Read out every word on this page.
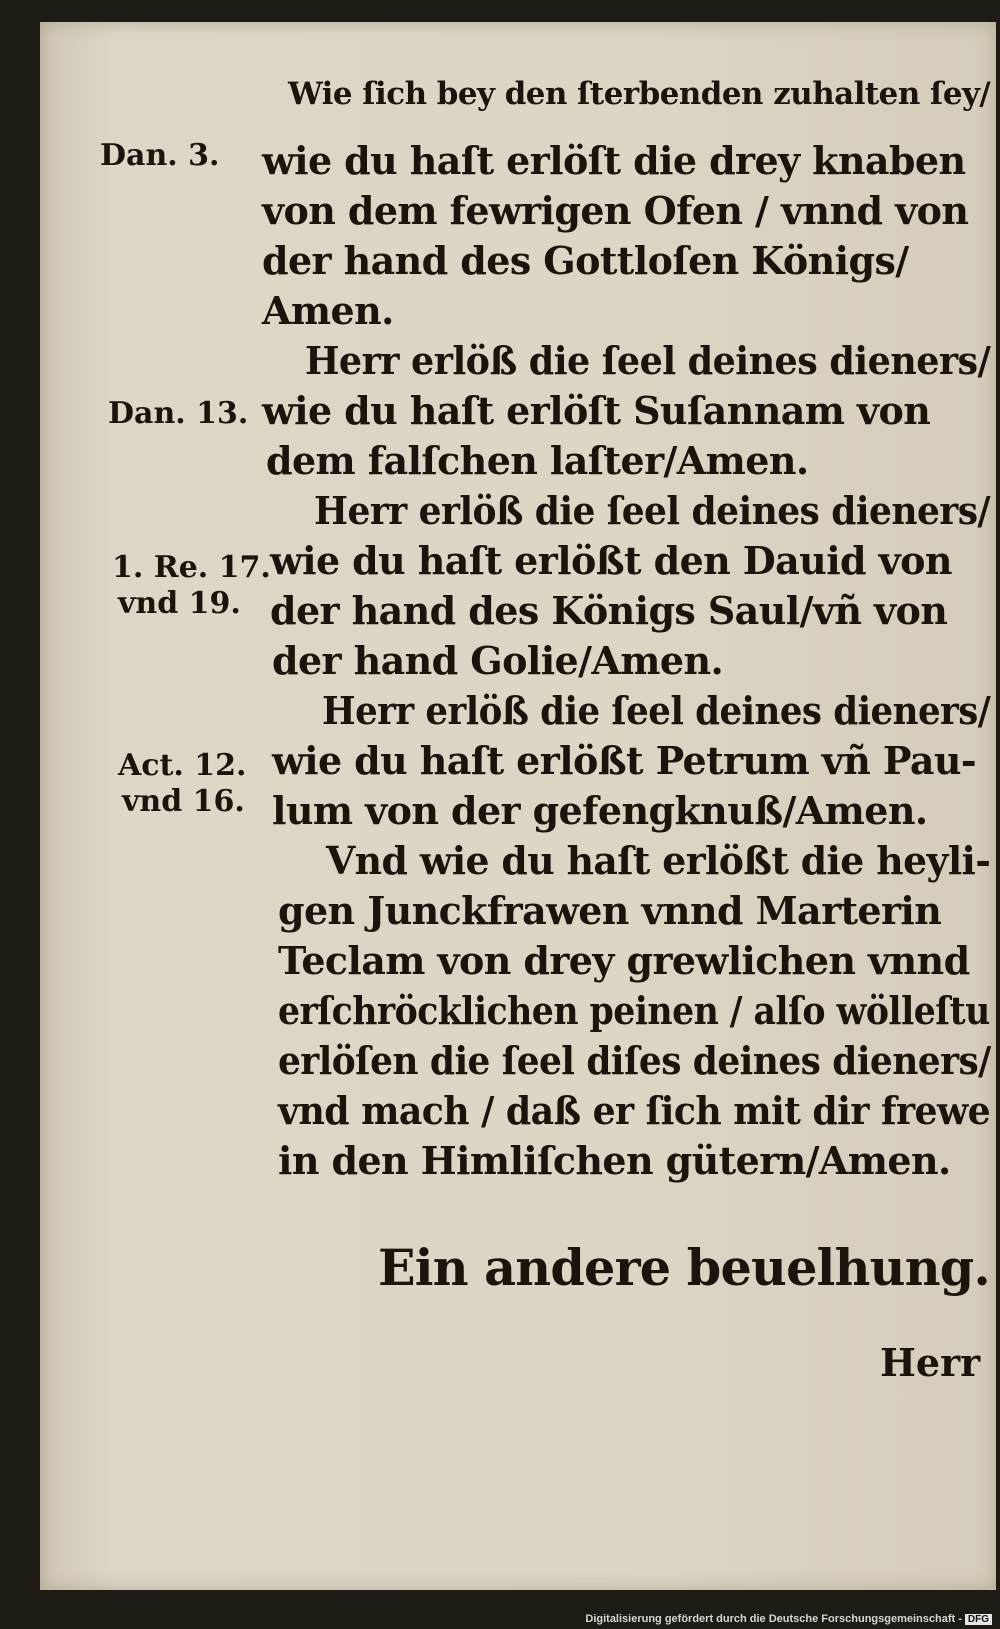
Wie ſich bey den ſterbenden zuhalten ſey/
Dan. 3.
Dan. 13.
1. Re. 17.
vnd 19.
Act. 12.
vnd 16.
wie du haſt erlöſt die drey knaben
von dem fewrigen Ofen / vnnd von
der hand des Gottloſen Königs/
Amen.
Herr erlöß die ſeel deines dieners/
wie du haſt erlöſt Suſannam von
dem falſchen laſter/Amen.
Herr erlöß die ſeel deines dieners/
wie du haſt erlößt den Dauid von
der hand des Königs Saul/vñ von
der hand Golie/Amen.
Herr erlöß die ſeel deines dieners/
wie du haſt erlößt Petrum vñ Pau-
lum von der gefengknuß/Amen.
Vnd wie du haſt erlößt die heyli-
gen Junckfrawen vnnd Marterin
Teclam von drey grewlichen vnnd
erſchröcklichen peinen / alſo wölleſtu
erlöſen die ſeel diſes deines dieners/
vnd mach / daß er ſich mit dir frewe
in den Himliſchen gütern/Amen.
Ein andere beuelhung.
Herr
Digitalisierung gefördert durch die Deutsche Forschungsgemeinschaft - DFG
